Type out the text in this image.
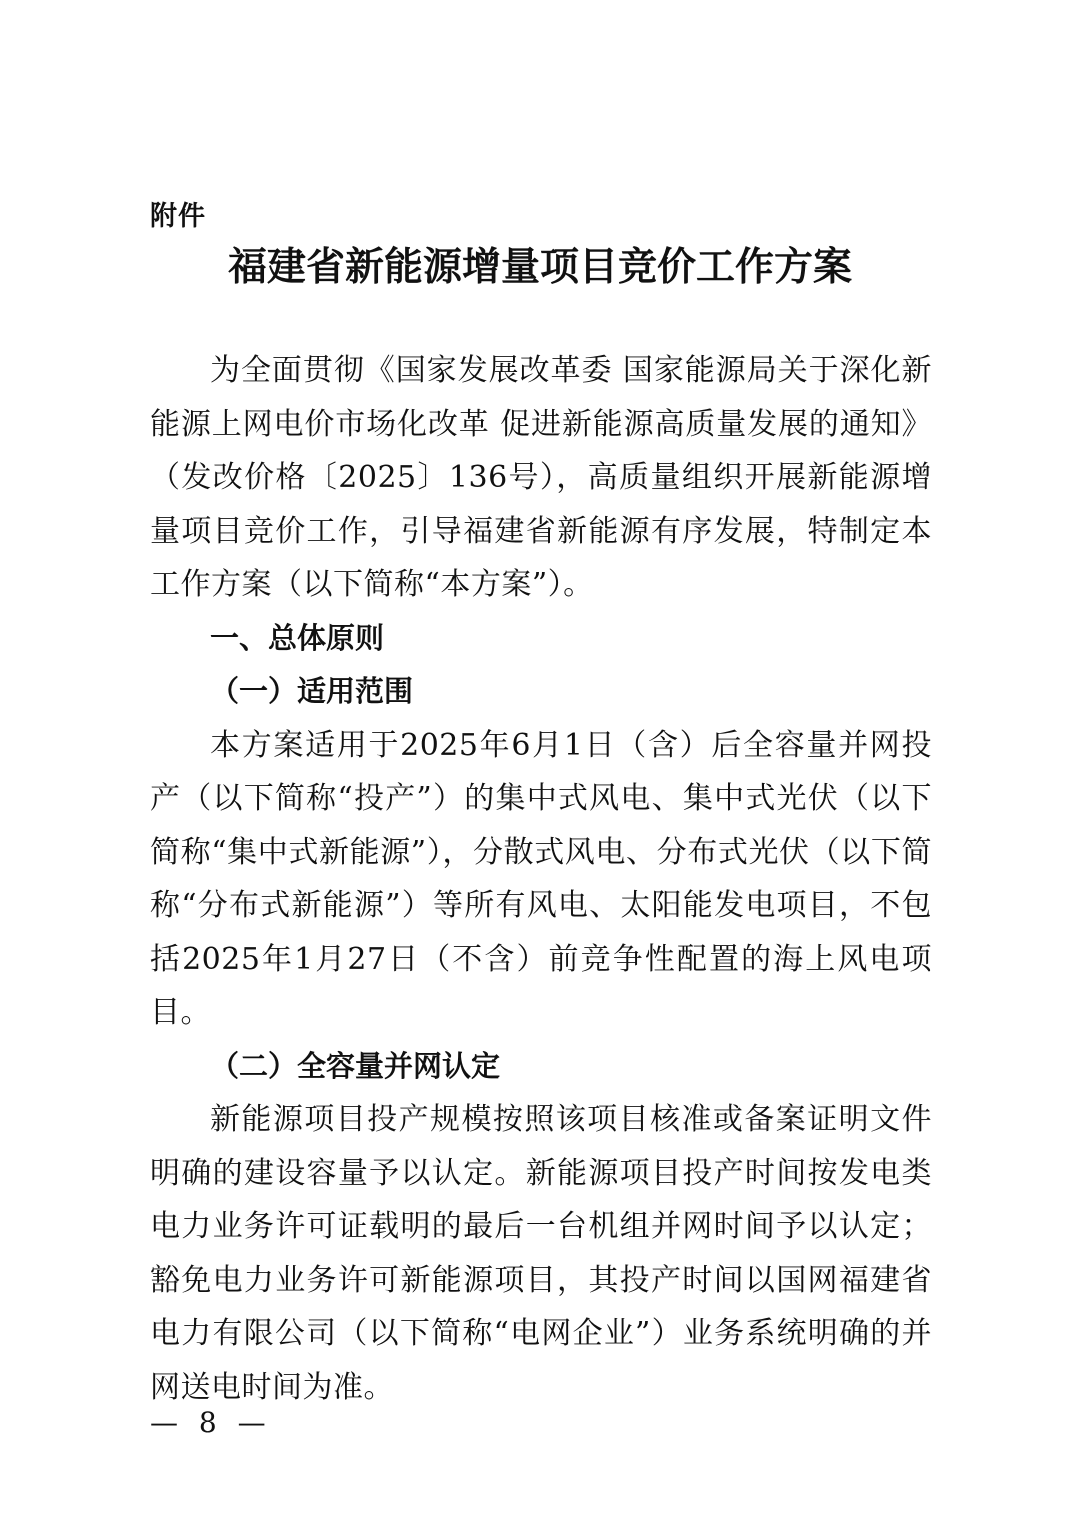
附件
福建省新能源增量项目竞价工作方案

为全面贯彻《国家发展改革委 国家能源局关于深化新能源上网电价市场化改革 促进新能源高质量发展的通知》（发改价格〔2025〕136号），高质量组织开展新能源增量项目竞价工作，引导福建省新能源有序发展，特制定本工作方案（以下简称“本方案”）。

一、总体原则

（一）适用范围

本方案适用于2025年6月1日（含）后全容量并网投产（以下简称“投产”）的集中式风电、集中式光伏（以下简称“集中式新能源”），分散式风电、分布式光伏（以下简称“分布式新能源”）等所有风电、太阳能发电项目，不包括2025年1月27日（不含）前竞争性配置的海上风电项目。

（二）全容量并网认定

新能源项目投产规模按照该项目核准或备案证明文件明确的建设容量予以认定。新能源项目投产时间按发电类电力业务许可证载明的最后一台机组并网时间予以认定；豁免电力业务许可新能源项目，其投产时间以国网福建省电力有限公司（以下简称“电网企业”）业务系统明确的并网送电时间为准。

— 8 —
